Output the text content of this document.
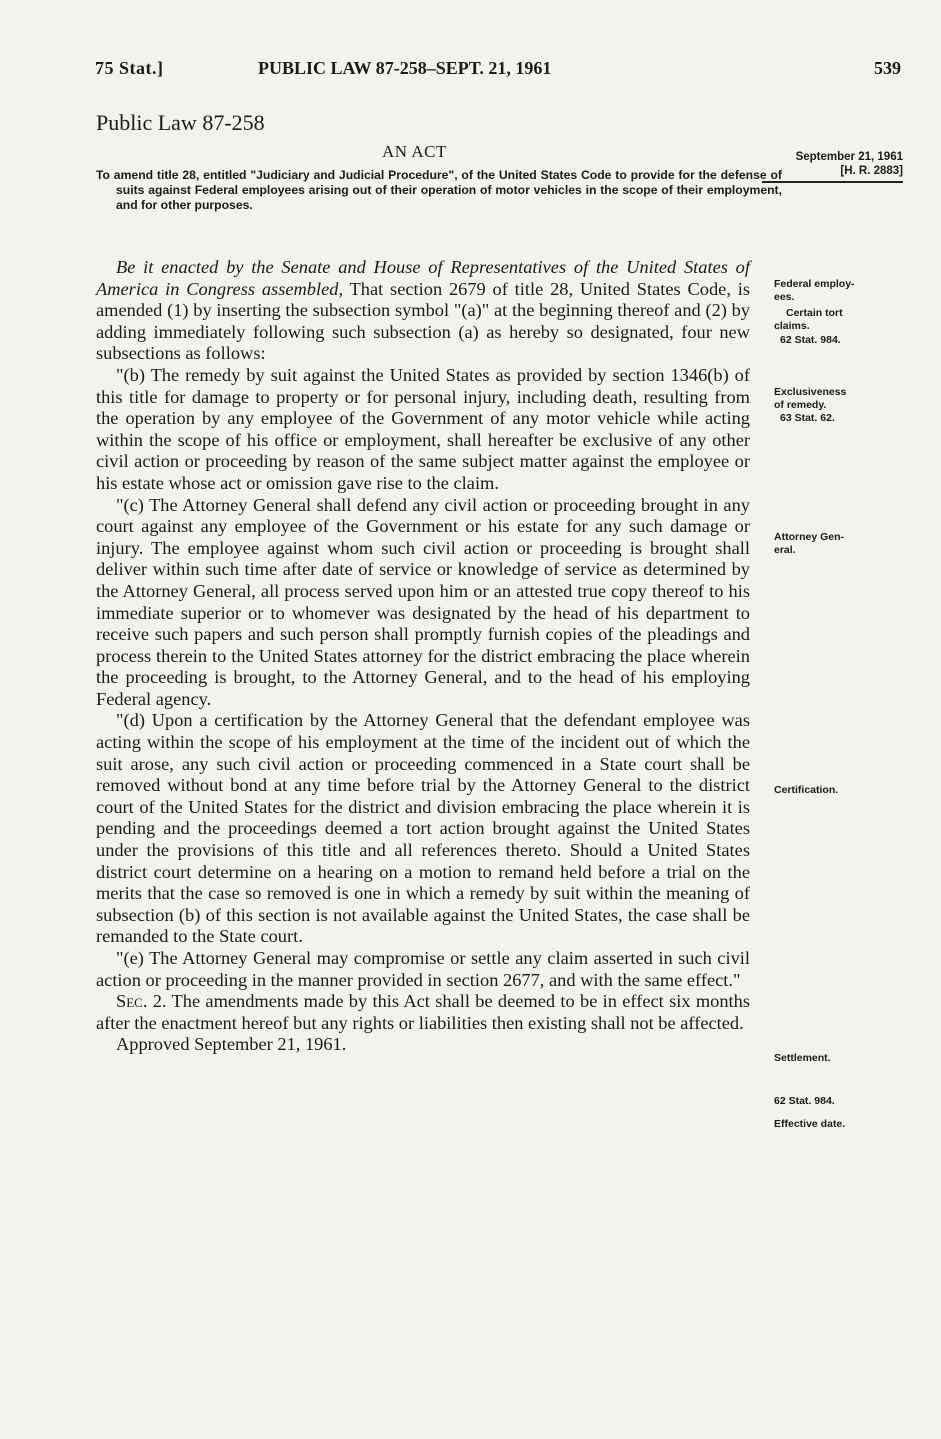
75 Stat.]	PUBLIC LAW 87-258–SEPT. 21, 1961	539
Public Law 87-258
AN ACT
To amend title 28, entitled "Judiciary and Judicial Procedure", of the United States Code to provide for the defense of suits against Federal employees arising out of their operation of motor vehicles in the scope of their employment, and for other purposes.
September 21, 1961
[H. R. 2883]

Be it enacted by the Senate and House of Representatives of the United States of America in Congress assembled, That section 2679 of title 28, United States Code, is amended (1) by inserting the subsection symbol "(a)" at the beginning thereof and (2) by adding immediately following such subsection (a) as hereby so designated, four new subsections as follows:

"(b) The remedy by suit against the United States as provided by section 1346(b) of this title for damage to property or for personal injury, including death, resulting from the operation by any employee of the Government of any motor vehicle while acting within the scope of his office or employment, shall hereafter be exclusive of any other civil action or proceeding by reason of the same subject matter against the employee or his estate whose act or omission gave rise to the claim.

"(c) The Attorney General shall defend any civil action or proceeding brought in any court against any employee of the Government or his estate for any such damage or injury. The employee against whom such civil action or proceeding is brought shall deliver within such time after date of service or knowledge of service as determined by the Attorney General, all process served upon him or an attested true copy thereof to his immediate superior or to whomever was designated by the head of his department to receive such papers and such person shall promptly furnish copies of the pleadings and process therein to the United States attorney for the district embracing the place wherein the proceeding is brought, to the Attorney General, and to the head of his employing Federal agency.

"(d) Upon a certification by the Attorney General that the defendant employee was acting within the scope of his employment at the time of the incident out of which the suit arose, any such civil action or proceeding commenced in a State court shall be removed without bond at any time before trial by the Attorney General to the district court of the United States for the district and division embracing the place wherein it is pending and the proceedings deemed a tort action brought against the United States under the provisions of this title and all references thereto. Should a United States district court determine on a hearing on a motion to remand held before a trial on the merits that the case so removed is one in which a remedy by suit within the meaning of subsection (b) of this section is not available against the United States, the case shall be remanded to the State court.

"(e) The Attorney General may compromise or settle any claim asserted in such civil action or proceeding in the manner provided in section 2677, and with the same effect."

Sec. 2. The amendments made by this Act shall be deemed to be in effect six months after the enactment hereof but any rights or liabilities then existing shall not be affected.

Approved September 21, 1961.

Federal employ-
ees.
Certain tort
claims.
62 Stat. 984.
Exclusiveness
of remedy.
63 Stat. 62.
Attorney Gen-
eral.
Certification.
Settlement.
62 Stat. 984.
Effective date.
